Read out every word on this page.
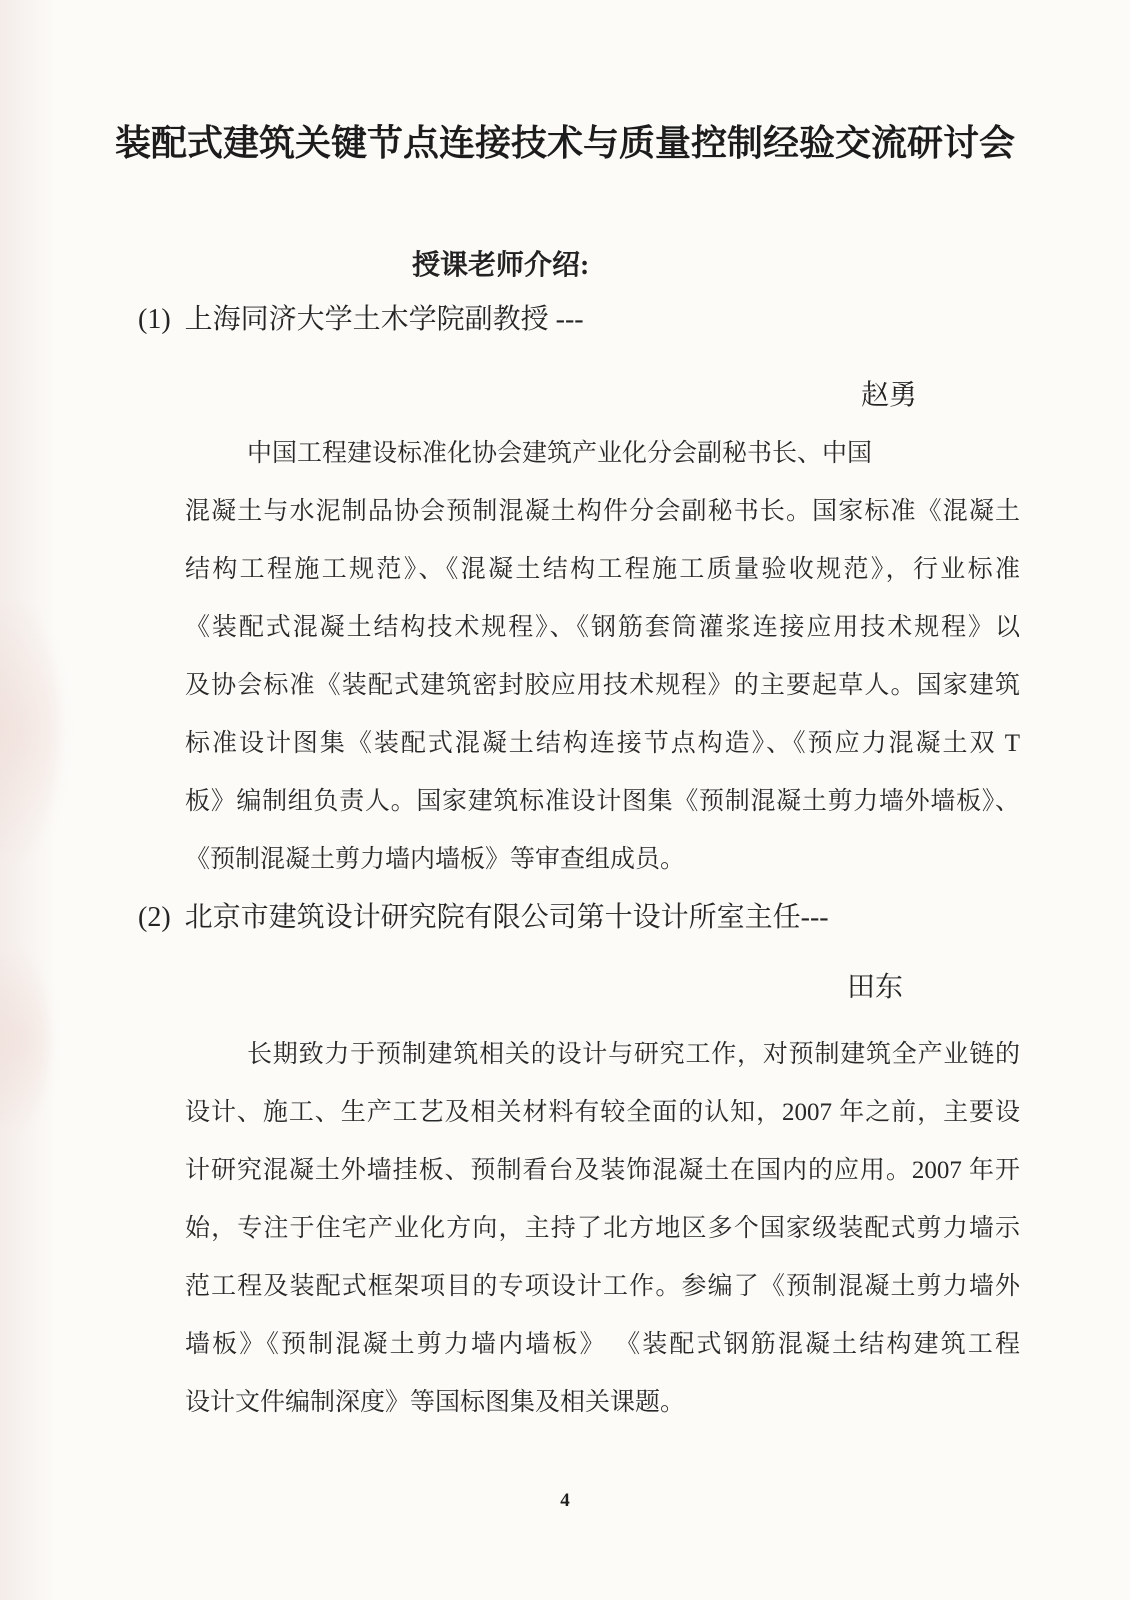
装配式建筑关键节点连接技术与质量控制经验交流研讨会
授课老师介绍:
(1) 上海同济大学土木学院副教授 ---
赵勇
中国工程建设标准化协会建筑产业化分会副秘书长、中国
混凝土与水泥制品协会预制混凝土构件分会副秘书长。国家标准《混凝土
结构工程施工规范》、《混凝土结构工程施工质量验收规范》，行业标准
《装配式混凝土结构技术规程》、《钢筋套筒灌浆连接应用技术规程》以
及协会标准《装配式建筑密封胶应用技术规程》的主要起草人。国家建筑
标准设计图集《装配式混凝土结构连接节点构造》、《预应力混凝土双 T
板》编制组负责人。国家建筑标准设计图集《预制混凝土剪力墙外墙板》、
《预制混凝土剪力墙内墙板》等审查组成员。
(2) 北京市建筑设计研究院有限公司第十设计所室主任---
田东
长期致力于预制建筑相关的设计与研究工作，对预制建筑全产业链的
设计、施工、生产工艺及相关材料有较全面的认知，2007 年之前，主要设
计研究混凝土外墙挂板、预制看台及装饰混凝土在国内的应用。2007 年开
始，专注于住宅产业化方向，主持了北方地区多个国家级装配式剪力墙示
范工程及装配式框架项目的专项设计工作。参编了《预制混凝土剪力墙外
墙板》《预制混凝土剪力墙内墙板》 《装配式钢筋混凝土结构建筑工程
设计文件编制深度》等国标图集及相关课题。
4
